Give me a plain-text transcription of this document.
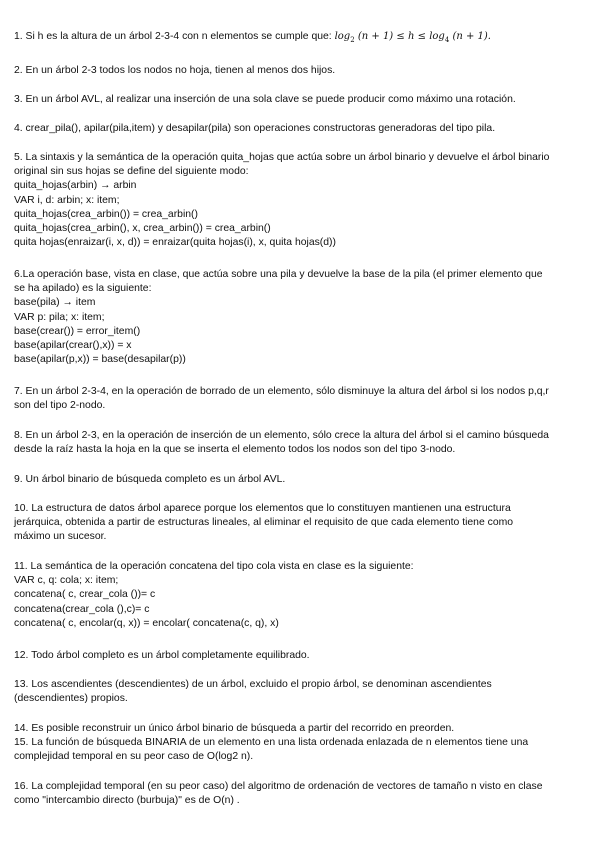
1. Si h es la altura de un árbol 2-3-4 con n elementos se cumple que: $\log_2 (n + 1) \le h \le \log_4 (n + 1)$.

2. En un árbol 2-3 todos los nodos no hoja, tienen al menos dos hijos.

3. En un árbol AVL, al realizar una inserción de una sola clave se puede producir como máximo una rotación.

4. crear_pila(), apilar(pila,item) y desapilar(pila) son operaciones constructoras generadoras del tipo pila.

5. La sintaxis y la semántica de la operación quita_hojas que actúa sobre un árbol binario y devuelve el árbol binario
original sin sus hojas se define del siguiente modo:
quita_hojas(arbin) → arbin
VAR i, d: arbin; x: item;
quita_hojas(crea_arbin()) = crea_arbin()
quita_hojas(crea_arbin(), x, crea_arbin()) = crea_arbin()
quita hojas(enraizar(i, x, d)) = enraizar(quita hojas(i), x, quita hojas(d))
6.La operación base, vista en clase, que actúa sobre una pila y devuelve la base de la pila (el primer elemento que
se ha apilado) es la siguiente:
base(pila) → item
VAR p: pila; x: item;
base(crear()) = error_item()
base(apilar(crear(),x)) = x
base(apilar(p,x)) = base(desapilar(p))
7. En un árbol 2-3-4, en la operación de borrado de un elemento, sólo disminuye la altura del árbol si los nodos p,q,r
son del tipo 2-nodo.
8. En un árbol 2-3, en la operación de inserción de un elemento, sólo crece la altura del árbol si el camino búsqueda
desde la raíz hasta la hoja en la que se inserta el elemento todos los nodos son del tipo 3-nodo.

9. Un árbol binario de búsqueda completo es un árbol AVL.

10. La estructura de datos árbol aparece porque los elementos que lo constituyen mantienen una estructura
jerárquica, obtenida a partir de estructuras lineales, al eliminar el requisito de que cada elemento tiene como
máximo un sucesor.
11. La semántica de la operación concatena del tipo cola vista en clase es la siguiente:
VAR c, q: cola; x: item;
concatena( c, crear_cola ())= c
concatena(crear_cola (),c)= c
concatena( c, encolar(q, x)) = encolar( concatena(c, q), x)

12. Todo árbol completo es un árbol completamente equilibrado.

13. Los ascendientes (descendientes) de un árbol, excluido el propio árbol, se denominan ascendientes
(descendientes) propios.

14. Es posible reconstruir un único árbol binario de búsqueda a partir del recorrido en preorden.

15. La función de búsqueda BINARIA de un elemento en una lista ordenada enlazada de n elementos tiene una
complejidad temporal en su peor caso de O(log2 n).
16. La complejidad temporal (en su peor caso) del algoritmo de ordenación de vectores de tamaño n visto en clase
como "intercambio directo (burbuja)" es de O(n) .
